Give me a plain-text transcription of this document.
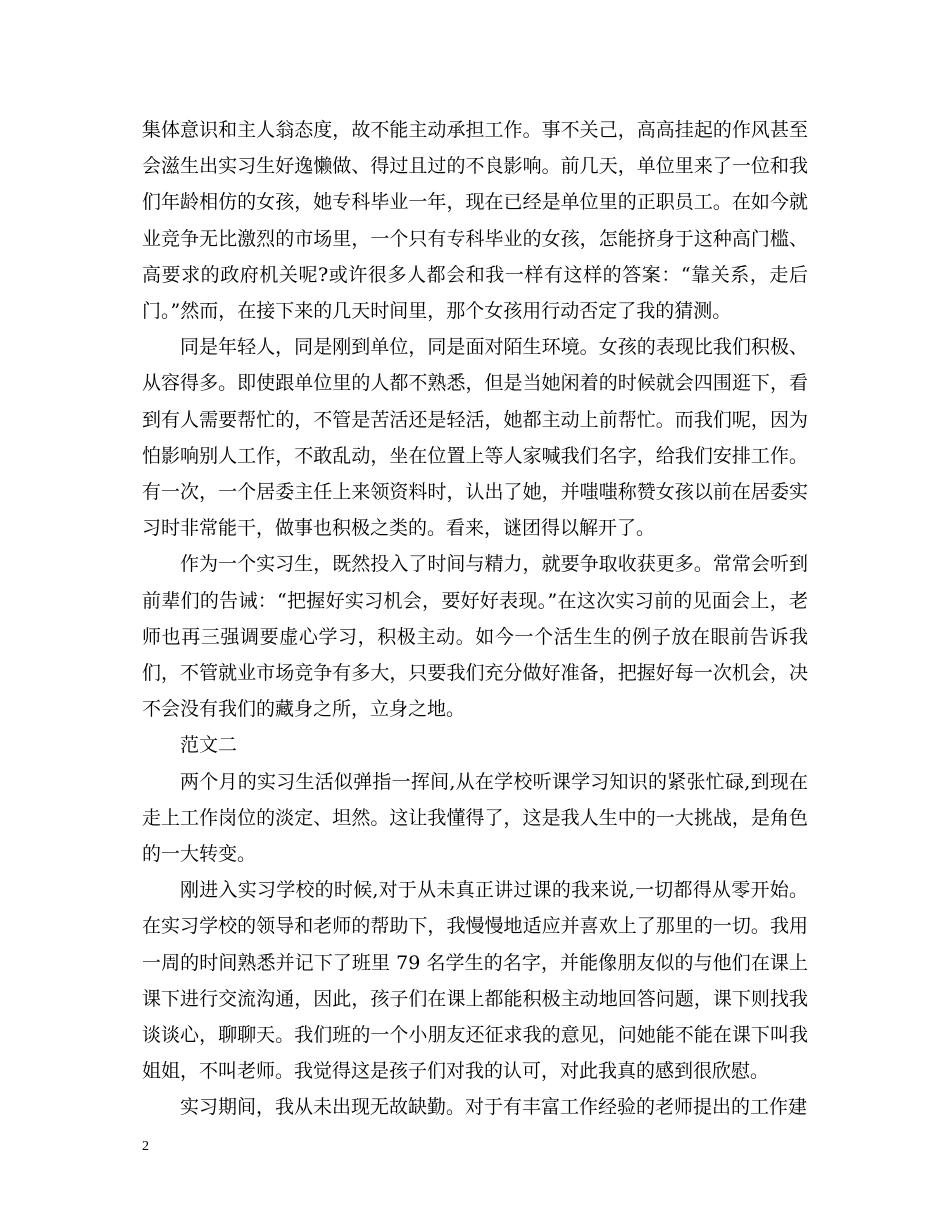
集体意识和主人翁态度，故不能主动承担工作。事不关己，高高挂起的作风甚至会滋生出实习生好逸懒做、得过且过的不良影响。前几天，单位里来了一位和我们年龄相仿的女孩，她专科毕业一年，现在已经是单位里的正职员工。在如今就业竞争无比激烈的市场里，一个只有专科毕业的女孩，怎能挤身于这种高门槛、高要求的政府机关呢?或许很多人都会和我一样有这样的答案：“靠关系，走后门。”然而，在接下来的几天时间里，那个女孩用行动否定了我的猜测。

同是年轻人，同是刚到单位，同是面对陌生环境。女孩的表现比我们积极、从容得多。即使跟单位里的人都不熟悉，但是当她闲着的时候就会四围逛下，看到有人需要帮忙的，不管是苦活还是轻活，她都主动上前帮忙。而我们呢，因为怕影响别人工作，不敢乱动，坐在位置上等人家喊我们名字，给我们安排工作。有一次，一个居委主任上来领资料时，认出了她，并嗤嗤称赞女孩以前在居委实习时非常能干，做事也积极之类的。看来，谜团得以解开了。

作为一个实习生，既然投入了时间与精力，就要争取收获更多。常常会听到前辈们的告诫：“把握好实习机会，要好好表现。”在这次实习前的见面会上，老师也再三强调要虚心学习，积极主动。如今一个活生生的例子放在眼前告诉我们，不管就业市场竞争有多大，只要我们充分做好准备，把握好每一次机会，决不会没有我们的藏身之所，立身之地。

范文二

两个月的实习生活似弹指一挥间,从在学校听课学习知识的紧张忙碌,到现在走上工作岗位的淡定、坦然。这让我懂得了，这是我人生中的一大挑战，是角色的一大转变。

刚进入实习学校的时候,对于从未真正讲过课的我来说,一切都得从零开始。在实习学校的领导和老师的帮助下，我慢慢地适应并喜欢上了那里的一切。我用一周的时间熟悉并记下了班里 79 名学生的名字，并能像朋友似的与他们在课上课下进行交流沟通，因此，孩子们在课上都能积极主动地回答问题，课下则找我谈谈心，聊聊天。我们班的一个小朋友还征求我的意见，问她能不能在课下叫我姐姐，不叫老师。我觉得这是孩子们对我的认可，对此我真的感到很欣慰。

实习期间，我从未出现无故缺勤。对于有丰富工作经验的老师提出的工作建

2
